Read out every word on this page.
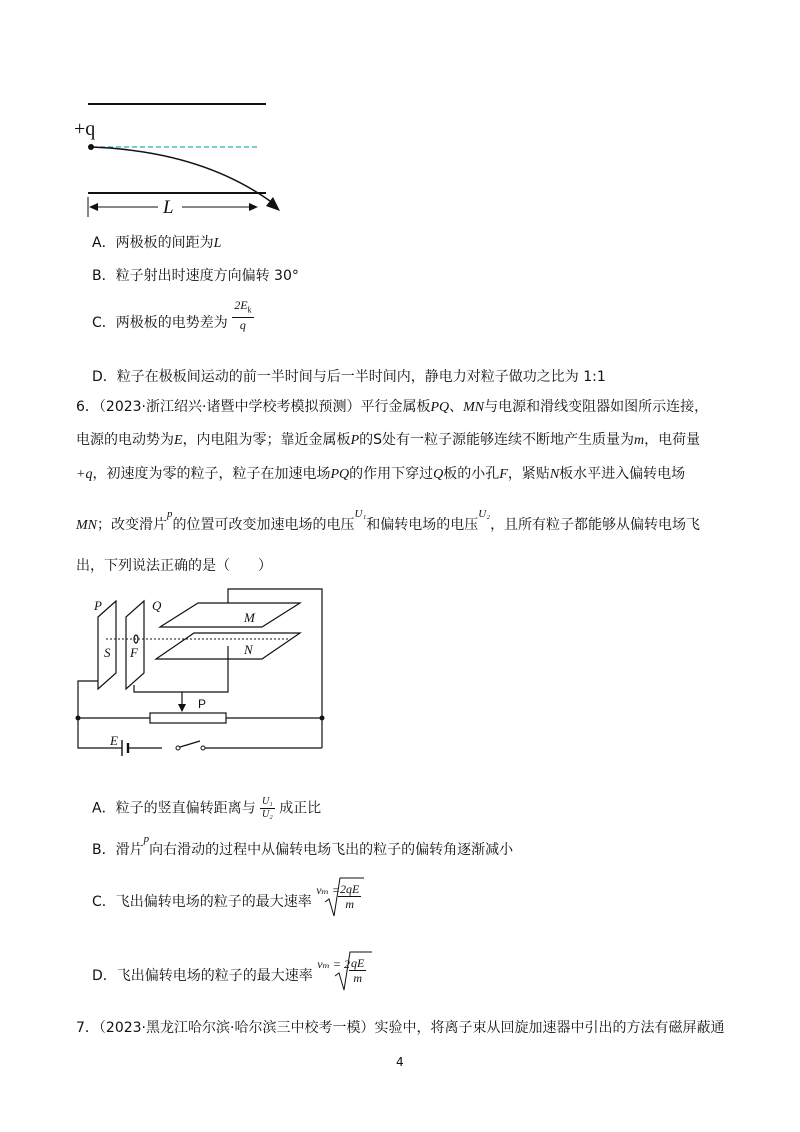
+q
L
A．两极板的间距为L
B．粒子射出时速度方向偏转 30°
C．两极板的电势差为 $\frac{2E_k}{q}$
D．粒子在极板间运动的前一半时间与后一半时间内，静电力对粒子做功之比为 1:1
6．（2023·浙江绍兴·诸暨中学校考模拟预测）平行金属板PQ、MN与电源和滑线变阻器如图所示连接，
电源的电动势为E，内电阻为零；靠近金属板P的S处有一粒子源能够连续不断地产生质量为m，电荷量
+q，初速度为零的粒子，粒子在加速电场PQ的作用下穿过Q板的小孔F，紧贴N板水平进入偏转电场
MN；改变滑片$^p$的位置可改变加速电场的电压$^{U_1}$和偏转电场的电压$^{U_2}$，且所有粒子都能够从偏转电场飞
出，下列说法正确的是（　　）
P	Q
S F
M
N
P
E
A．粒子的竖直偏转距离与 $\frac{\text{U₁}}{\text{U₂}}$ 成正比
B．滑片$^p$向右滑动的过程中从偏转电场飞出的粒子的偏转角逐渐减小
C．飞出偏转电场的粒子的最大速率 vₘ =
$\frac{2qE}{m}$
D．飞出偏转电场的粒子的最大速率 vₘ = 2
$\frac{qE}{m}$
7．（2023·黑龙江哈尔滨·哈尔滨三中校考一模）实验中，将离子束从回旋加速器中引出的方法有磁屏蔽通
4
